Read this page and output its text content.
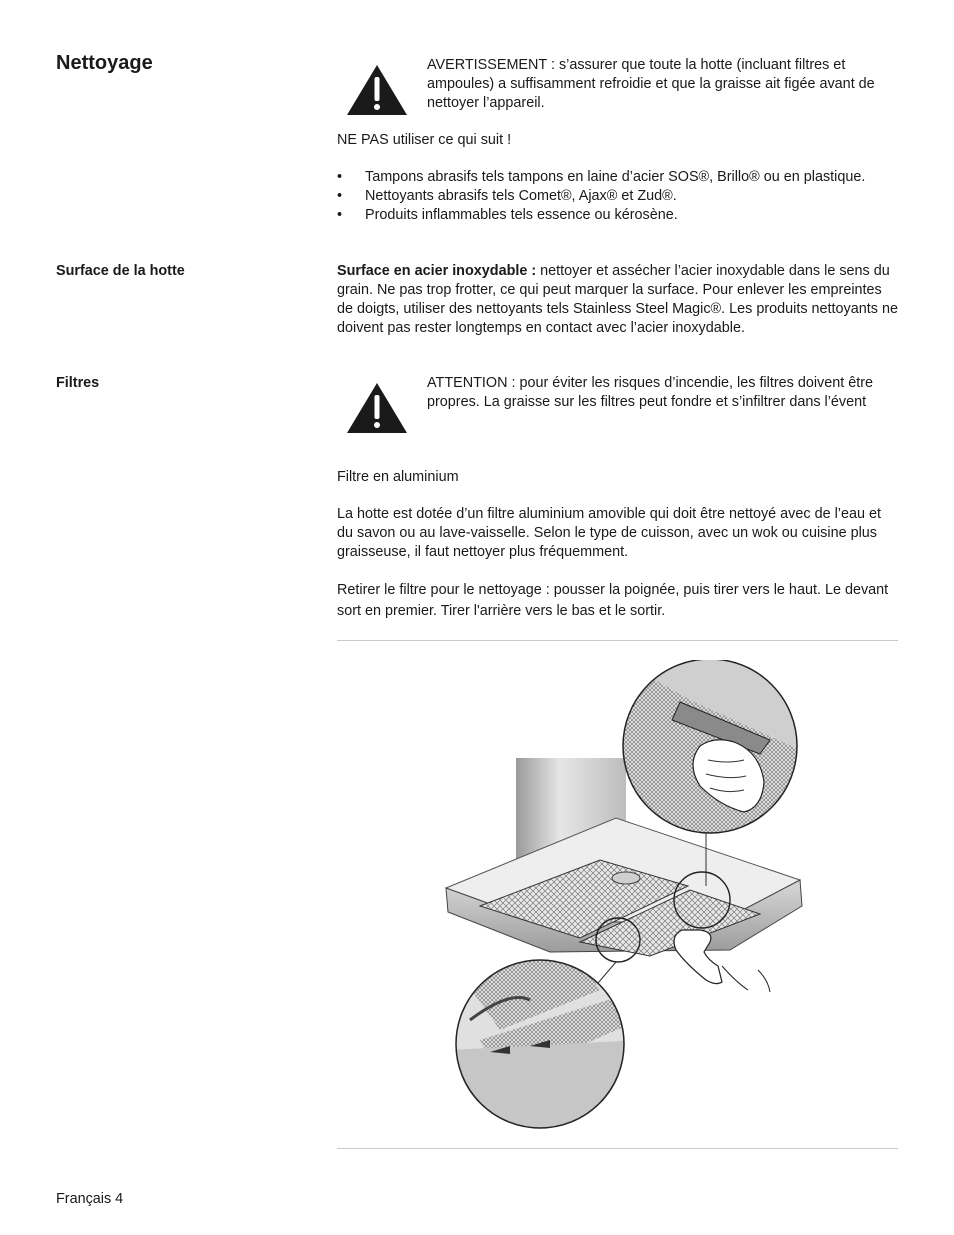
Nettoyage	AVERTISSEMENT : s’assurer que toute la hotte (incluant filtres et ampoules) a suffisamment refroidie et que la graisse ait figée avant de nettoyer l’appareil.
NE PAS utiliser ce qui suit !
• Tampons abrasifs tels tampons en laine d’acier SOS®, Brillo® ou en plastique.
• Nettoyants abrasifs tels Comet®, Ajax® et Zud®.
• Produits inflammables tels essence ou kérosène.
Surface de la hotte	Surface en acier inoxydable : nettoyer et assécher l’acier inoxydable dans le sens du grain. Ne pas trop frotter, ce qui peut marquer la surface. Pour enlever les empreintes de doigts, utiliser des nettoyants tels Stainless Steel Magic®. Les produits nettoyants ne doivent pas rester longtemps en contact avec l’acier inoxydable.

Filtres	ATTENTION : pour éviter les risques d’incendie, les filtres doivent être propres. La graisse sur les filtres peut fondre et s’infiltrer dans l’évent
Filtre en aluminium

La hotte est dotée d’un filtre aluminium amovible qui doit être nettoyé avec de l’eau et du savon ou au lave-vaisselle. Selon le type de cuisson, avec un wok ou cuisine plus graisseuse, il faut nettoyer plus fréquemment.

Retirer le filtre pour le nettoyage : pousser la poignée, puis tirer vers le haut. Le devant sort en premier. Tirer l'arrière vers le bas et le sortir.

Français 4
